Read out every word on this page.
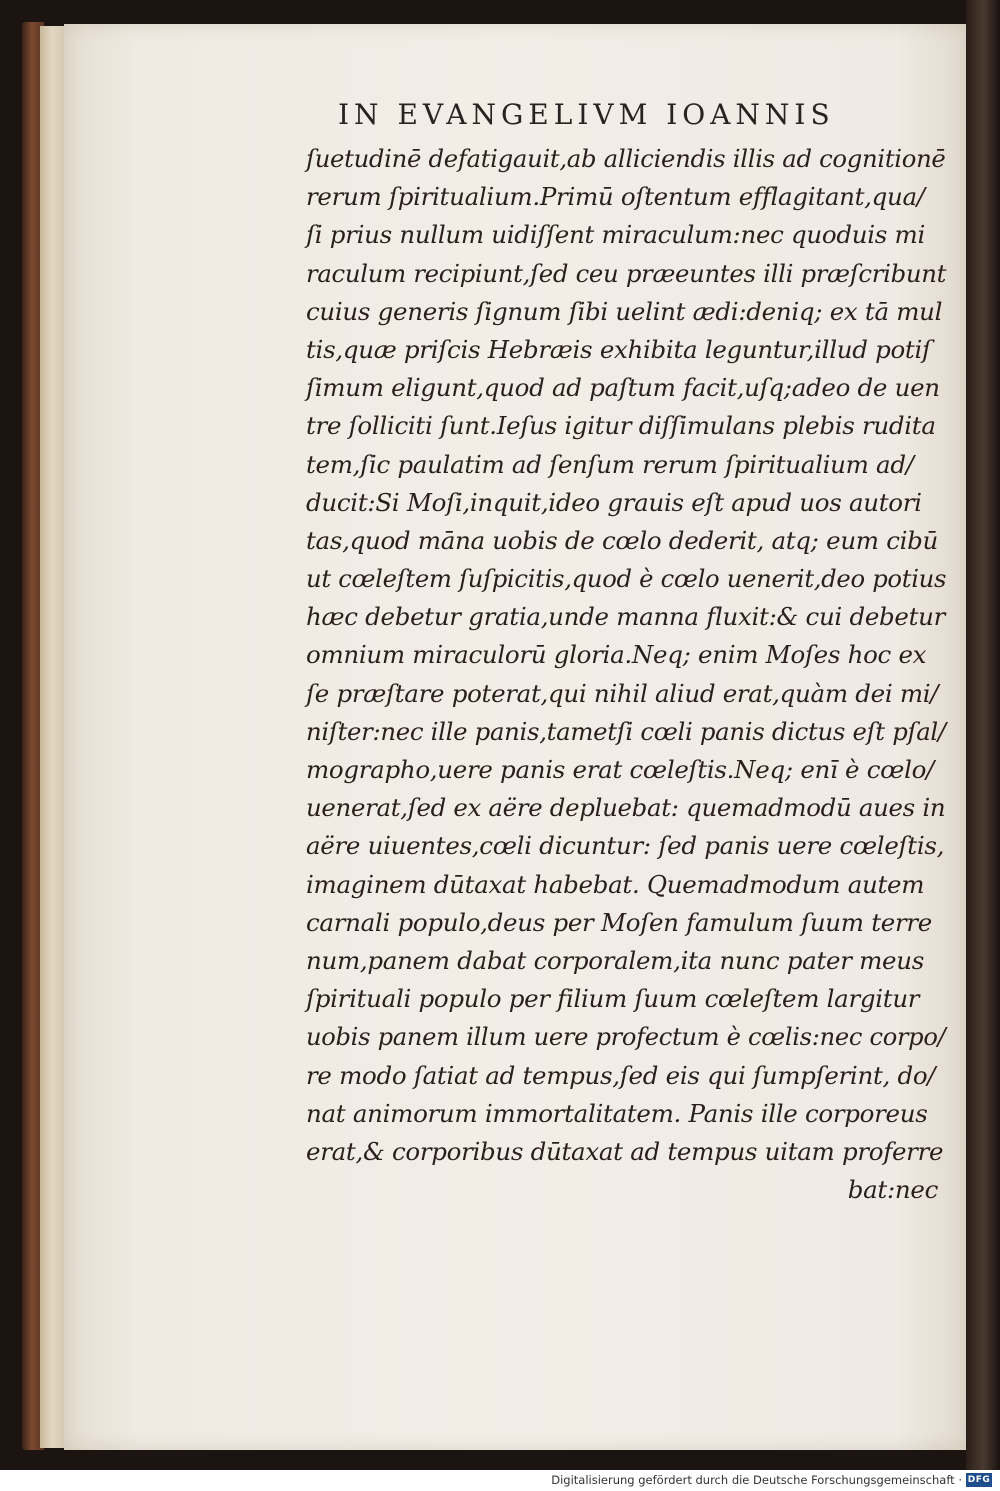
IN EVANGELIVM IOANNIS
ſuetudinē defatigauit,ab alliciendis illis ad cognitionē
rerum ſpiritualium.Primū oſtentum efflagitant,qua/
ſi prius nullum uidiſſent miraculum:nec quoduis mi
raculum recipiunt,ſed ceu præeuntes illi præſcribunt
cuius generis ſignum ſibi uelint ædi:deniq; ex tā mul
tis,quæ priſcis Hebræis exhibita leguntur,illud potiſ
ſimum eligunt,quod ad paſtum facit,uſq;adeo de uen
tre ſolliciti ſunt.Ieſus igitur diſſimulans plebis rudita
tem,ſic paulatim ad ſenſum rerum ſpiritualium ad/
ducit:Si Moſi,inquit,ideo grauis eſt apud uos autori
tas,quod māna uobis de cœlo dederit, atq; eum cibū
ut cœleſtem ſuſpicitis,quod è cœlo uenerit,deo potius
hæc debetur gratia,unde manna fluxit:& cui debetur
omnium miraculorū gloria.Neq; enim Moſes hoc ex
ſe præſtare poterat,qui nihil aliud erat,quàm dei mi/
niſter:nec ille panis,tametſi cœli panis dictus eſt pſal/
mographo,uere panis erat cœleſtis.Neq; enī è cœlo/
uenerat,ſed ex aëre depluebat: quemadmodū aues in
aëre uiuentes,cœli dicuntur: ſed panis uere cœleſtis,
imaginem dūtaxat habebat. Quemadmodum autem
carnali populo,deus per Moſen famulum ſuum terre
num,panem dabat corporalem,ita nunc pater meus
ſpirituali populo per filium ſuum cœleſtem largitur
uobis panem illum uere profectum è cœlis:nec corpo/
re modo ſatiat ad tempus,ſed eis qui ſumpſerint, do/
nat animorum immortalitatem. Panis ille corporeus
erat,& corporibus dūtaxat ad tempus uitam proferre
bat:nec
Digitalisierung gefördert durch die Deutsche Forschungsgemeinschaft · DFG
